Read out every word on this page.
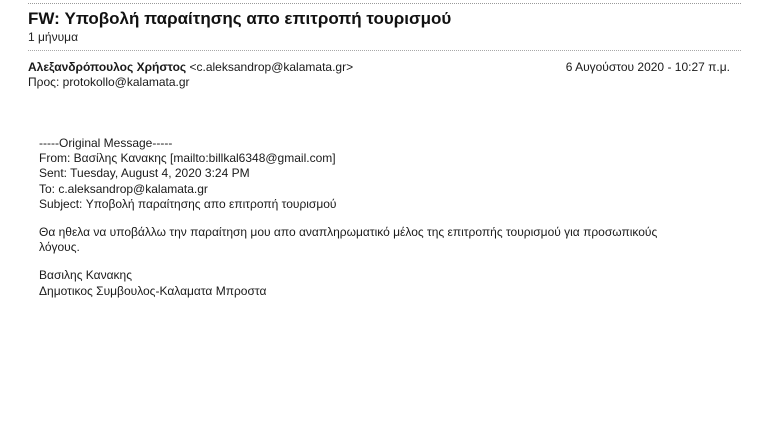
FW: Υποβολή παραίτησης απο επιτροπή τουρισμού
1 μήνυμα
Αλεξανδρόπουλος Χρήστος <c.aleksandrop@kalamata.gr>	6 Αυγούστου 2020 - 10:27 π.μ.
Προς: protokollo@kalamata.gr
-----Original Message-----
From: Βασίλης Κανακης [mailto:billkal6348@gmail.com]
Sent: Tuesday, August 4, 2020 3:24 PM
To: c.aleksandrop@kalamata.gr
Subject: Υποβολή παραίτησης απο επιτροπή τουρισμού
Θα ηθελα να υποβάλλω την παραίτηση μου απο αναπληρωματικό μέλος της επιτροπής τουρισμού για προσωπικούς
λόγους.
Βασιλης Κανακης
Δημοτικος Συμβουλος-Καλαματα Μπροστα
